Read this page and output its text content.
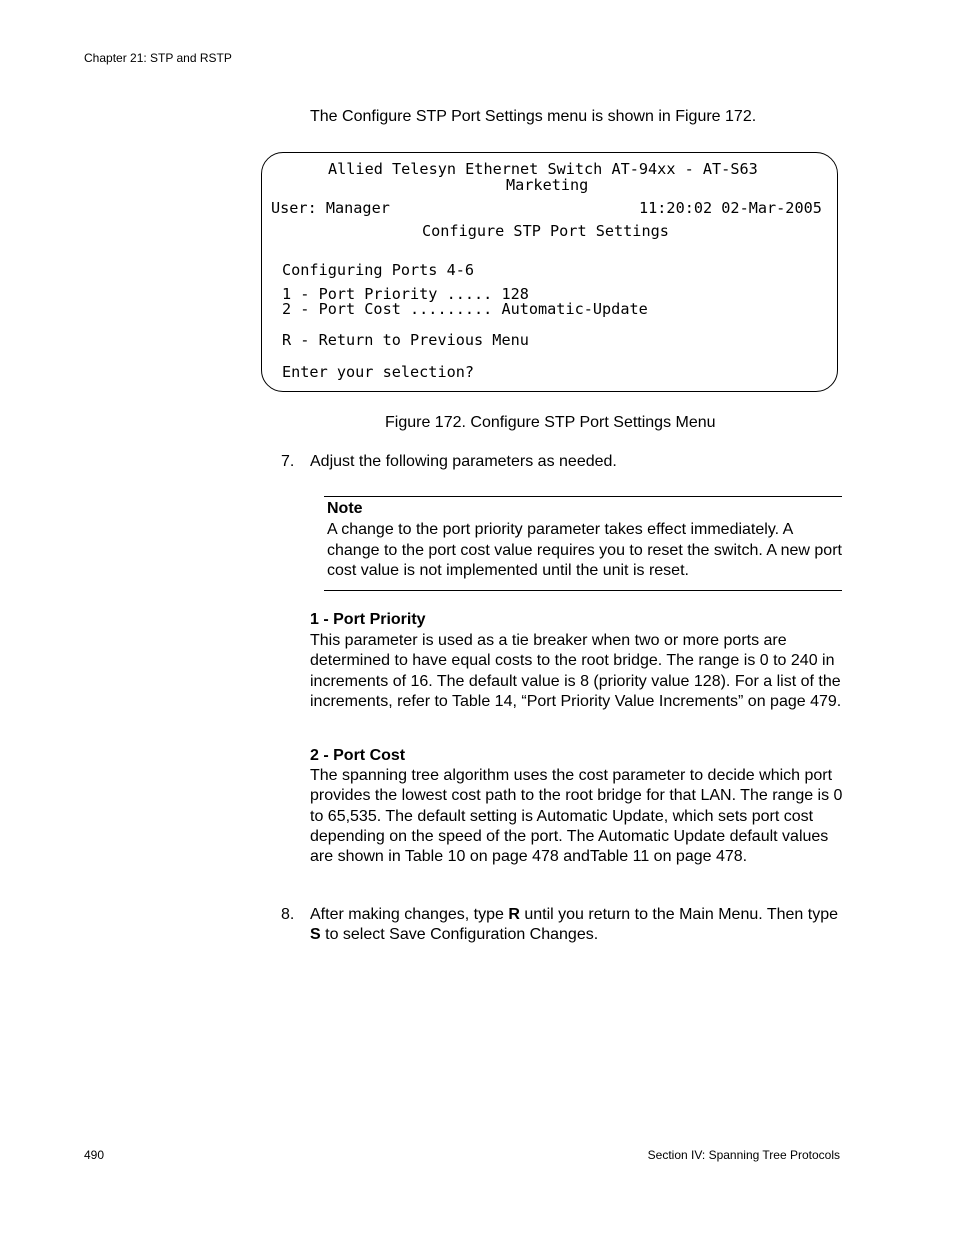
Chapter 21: STP and RSTP
The Configure STP Port Settings menu is shown in Figure 172.
Allied Telesyn Ethernet Switch AT-94xx - AT-S63
Marketing
User: Manager	11:20:02 02-Mar-2005
Configure STP Port Settings
Configuring Ports 4-6
1 - Port Priority ..... 128
2 - Port Cost ......... Automatic-Update
R - Return to Previous Menu
Enter your selection?
Figure 172. Configure STP Port Settings Menu
7. Adjust the following parameters as needed.
Note
A change to the port priority parameter takes effect immediately. A change to the port cost value requires you to reset the switch. A new port cost value is not implemented until the unit is reset.
1 - Port Priority
This parameter is used as a tie breaker when two or more ports are determined to have equal costs to the root bridge. The range is 0 to 240 in increments of 16. The default value is 8 (priority value 128). For a list of the increments, refer to Table 14, “Port Priority Value Increments” on page 479.
2 - Port Cost
The spanning tree algorithm uses the cost parameter to decide which port provides the lowest cost path to the root bridge for that LAN. The range is 0 to 65,535. The default setting is Automatic Update, which sets port cost depending on the speed of the port. The Automatic Update default values are shown in Table 10 on page 478 andTable 11 on page 478.
8. After making changes, type R until you return to the Main Menu. Then type S to select Save Configuration Changes.
490	Section IV: Spanning Tree Protocols
